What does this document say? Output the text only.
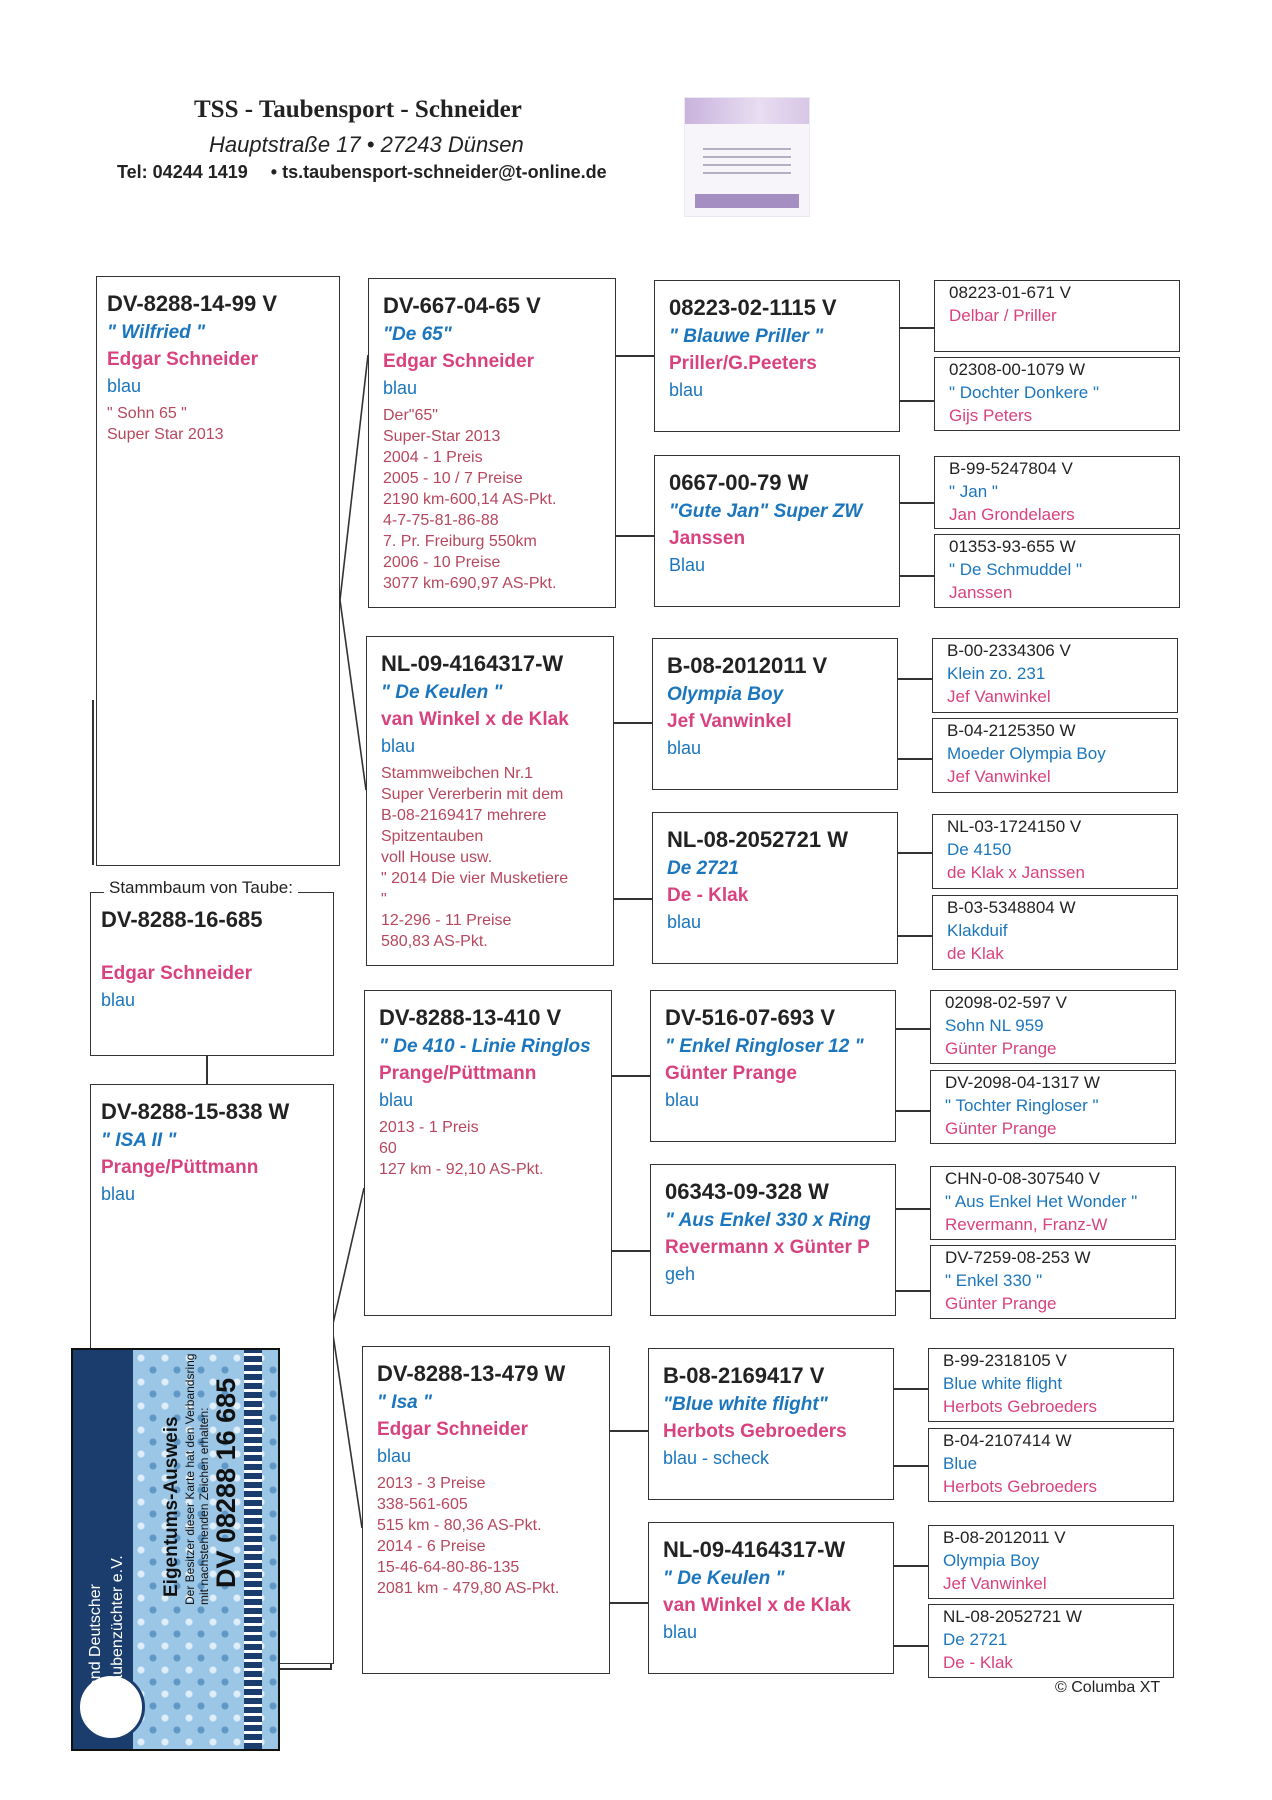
TSS - Taubensport - Schneider
Hauptstraße 17 • 27243 Dünsen
Tel: 04244 1419 • ts.taubensport-schneider@t-online.de
DV-8288-14-99 V
" Wilfried "
Edgar Schneider
blau
" Sohn 65 "
Super Star 2013
DV-8288-16-685
Edgar Schneider
blau
Stammbaum von Taube:
DV-8288-15-838 W
" ISA II "
Prange/Püttmann
blau
DV-667-04-65 V
"De 65"
Edgar Schneider
blau
Der"65"
Super-Star 2013
2004 - 1 Preis
2005 - 10 / 7 Preise
2190 km-600,14 AS-Pkt.
4-7-75-81-86-88
7. Pr. Freiburg 550km
2006 - 10 Preise
3077 km-690,97 AS-Pkt.
NL-09-4164317-W
" De Keulen "
van Winkel x de Klak
blau
Stammweibchen Nr.1
Super Vererberin mit dem
B-08-2169417 mehrere
Spitzentauben
voll House usw.
" 2014 Die vier Musketiere
"
12-296 - 11 Preise
580,83 AS-Pkt.
DV-8288-13-410 V
" De 410 - Linie Ringlos
Prange/Püttmann
blau
2013 - 1 Preis
60
127 km - 92,10 AS-Pkt.
DV-8288-13-479 W
" Isa "
Edgar Schneider
blau
2013 - 3 Preise
338-561-605
515 km - 80,36 AS-Pkt.
2014 - 6 Preise
15-46-64-80-86-135
2081 km - 479,80 AS-Pkt.
08223-02-1115 V
" Blauwe Priller "
Priller/G.Peeters
blau
0667-00-79 W
"Gute Jan" Super ZW
Janssen
Blau
B-08-2012011 V
Olympia Boy
Jef Vanwinkel
blau
NL-08-2052721 W
De 2721
De - Klak
blau
DV-516-07-693 V
" Enkel Ringloser 12 "
Günter Prange
blau
06343-09-328 W
" Aus Enkel 330 x Ring
Revermann x Günter P
geh
B-08-2169417 V
"Blue white flight"
Herbots Gebroeders
blau - scheck
NL-09-4164317-W
" De Keulen "
van Winkel x de Klak
blau
08223-01-671 V
Delbar / Priller
02308-00-1079 W
" Dochter Donkere "
Gijs Peters
B-99-5247804 V
" Jan "
Jan Grondelaers
01353-93-655 W
" De Schmuddel "
Janssen
B-00-2334306 V
Klein zo. 231
Jef Vanwinkel
B-04-2125350 W
Moeder Olympia Boy
Jef Vanwinkel
NL-03-1724150 V
De 4150
de Klak x Janssen
B-03-5348804 W
Klakduif
de Klak
02098-02-597 V
Sohn NL 959
Günter Prange
DV-2098-04-1317 W
" Tochter Ringloser "
Günter Prange
CHN-0-08-307540 V
" Aus Enkel Het Wonder "
Revermann, Franz-W
DV-7259-08-253 W
" Enkel 330 "
Günter Prange
B-99-2318105 V
Blue white flight
Herbots Gebroeders
B-04-2107414 W
Blue
Herbots Gebroeders
B-08-2012011 V
Olympia Boy
Jef Vanwinkel
NL-08-2052721 W
De 2721
De - Klak
Verband Deutscher Brieftaubenzüchter e.V.
Eigentums-Ausweis Der Besitzer dieser Karte hat den Verbandsring mit nachstehenden Zeichen erhalten: DV 08288 16 685
© Columba XT
